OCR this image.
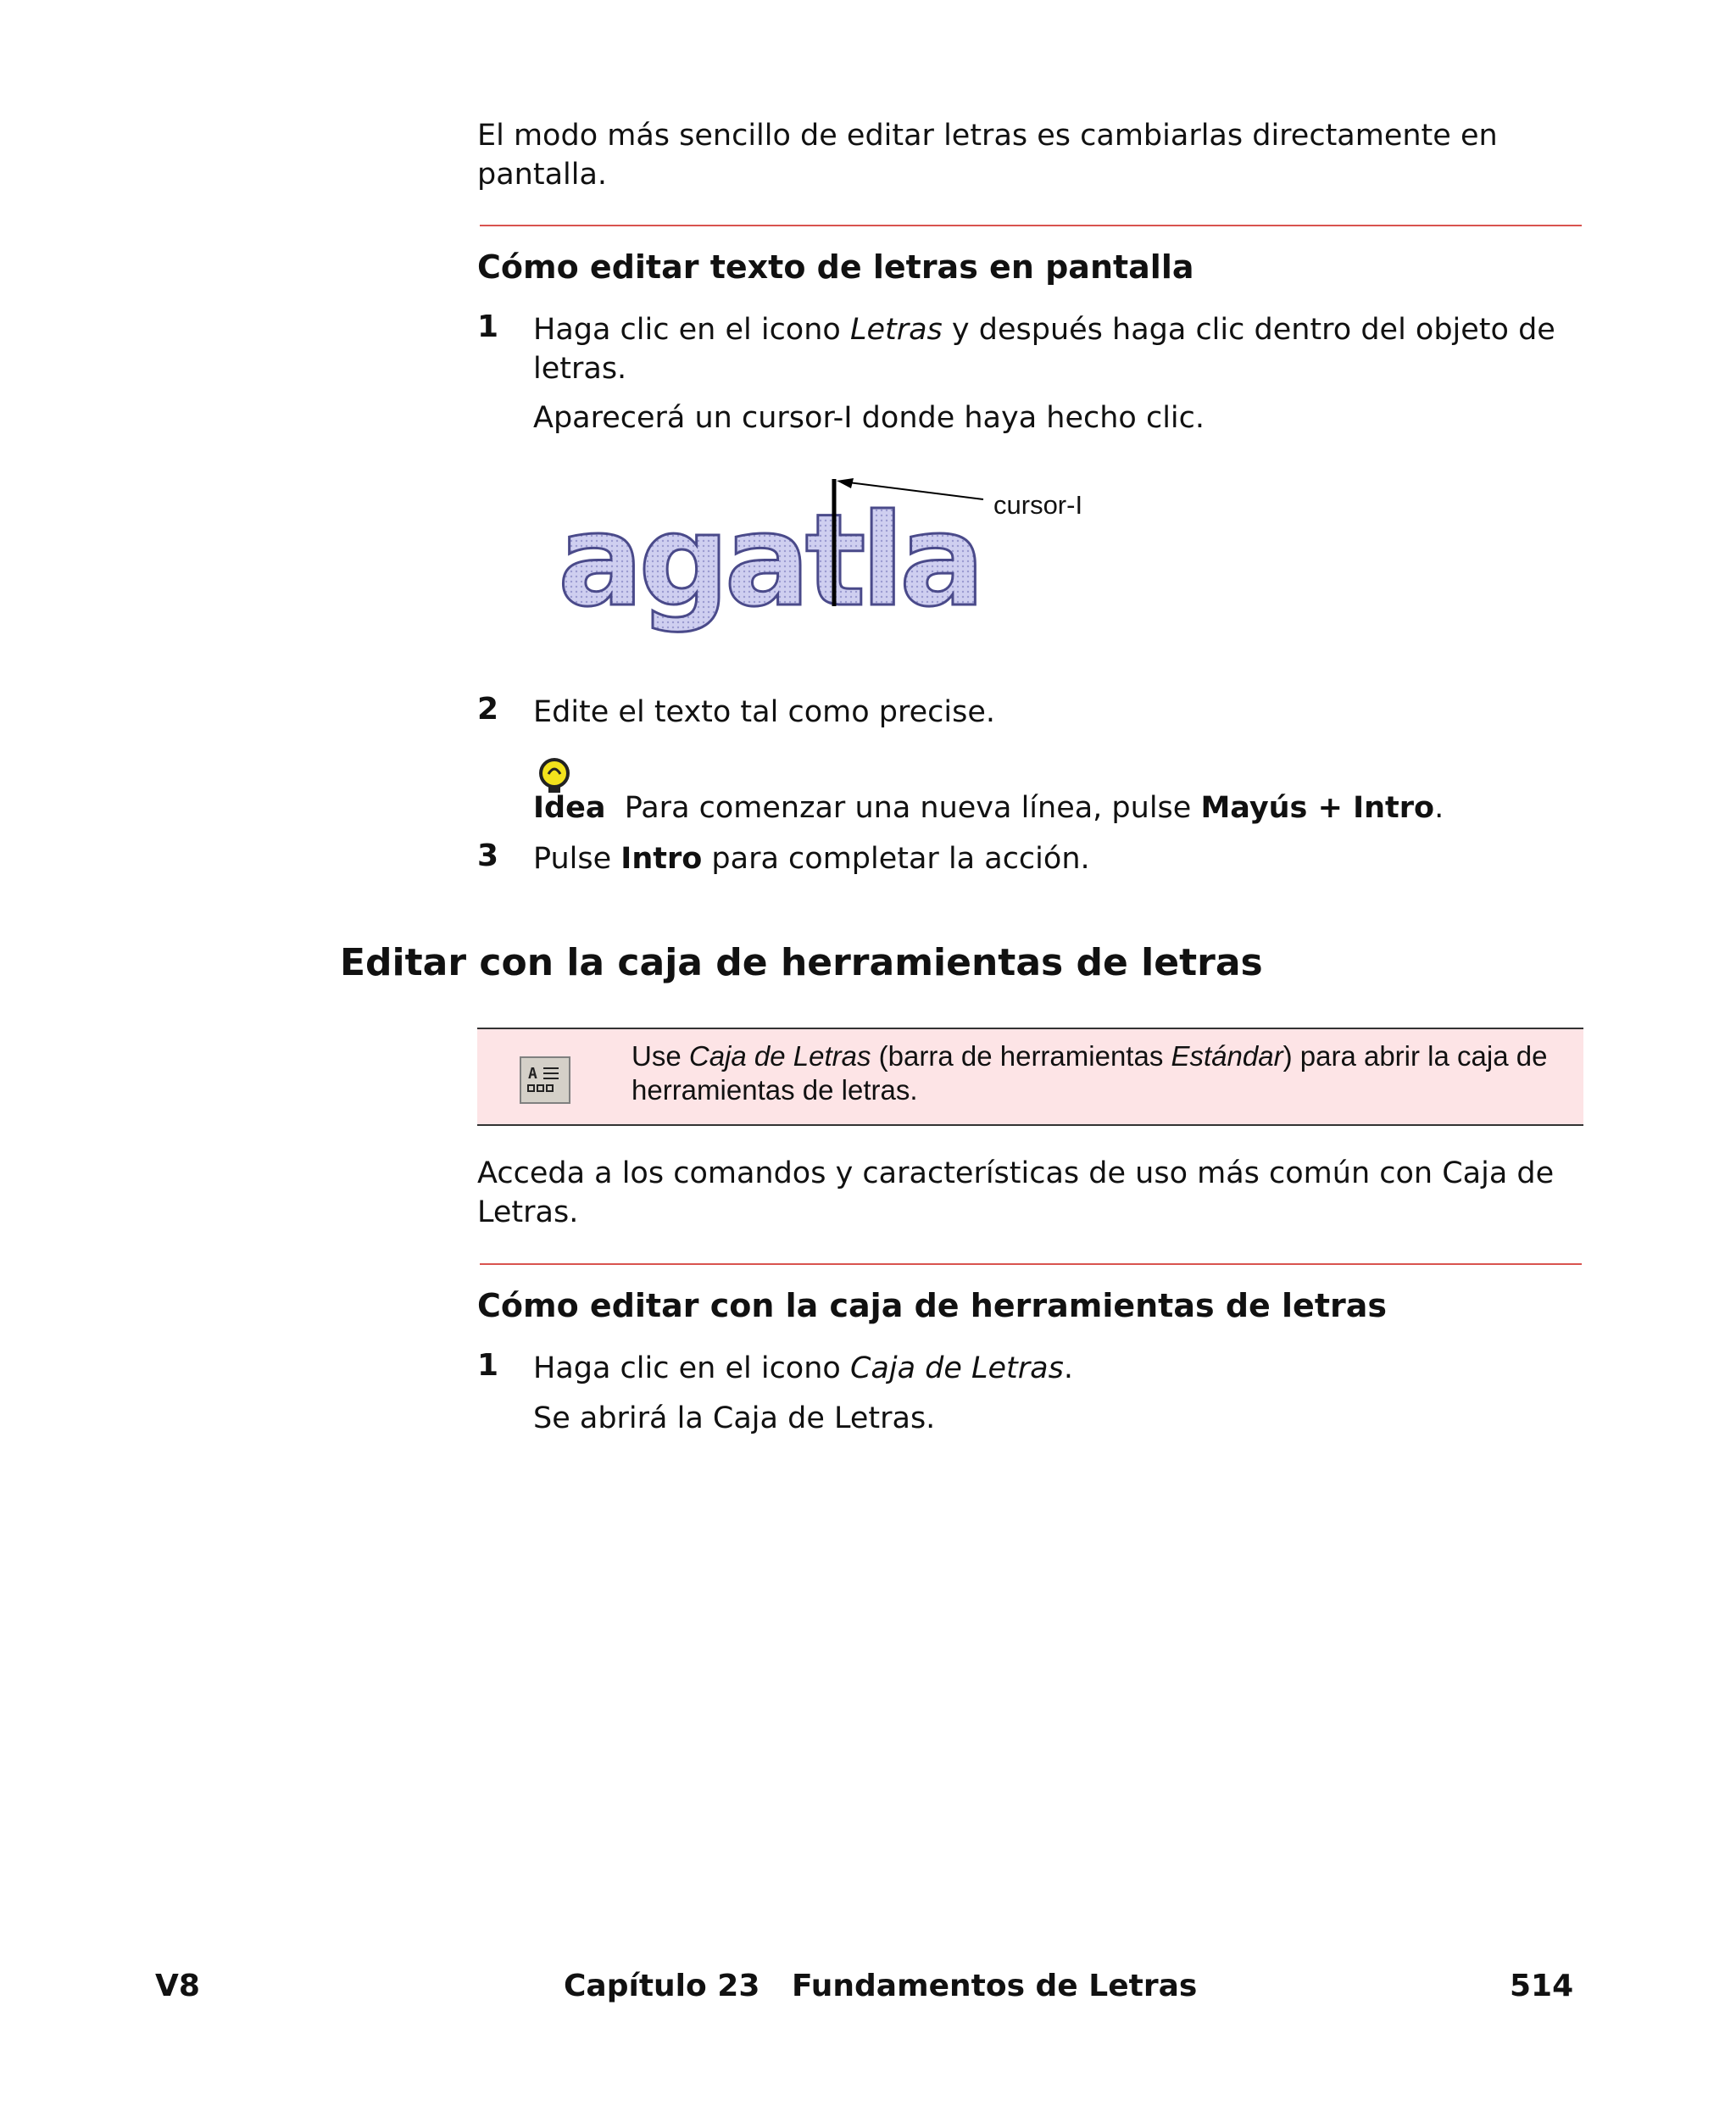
El modo más sencillo de editar letras es cambiarlas directamente en pantalla.
Cómo editar texto de letras en pantalla
1 Haga clic en el icono Letras y después haga clic dentro del objeto de letras.
Aparecerá un cursor-I donde haya hecho clic.
agatla cursor-I
2 Edite el texto tal como precise.
Idea Para comenzar una nueva línea, pulse Mayús + Intro.
3 Pulse Intro para completar la acción.
Editar con la caja de herramientas de letras
A
Use Caja de Letras (barra de herramientas Estándar) para abrir la caja de herramientas de letras.
Acceda a los comandos y características de uso más común con Caja de Letras.
Cómo editar con la caja de herramientas de letras
1 Haga clic en el icono Caja de Letras.
Se abrirá la Caja de Letras.
V8	Capítulo 23   Fundamentos de Letras	514
